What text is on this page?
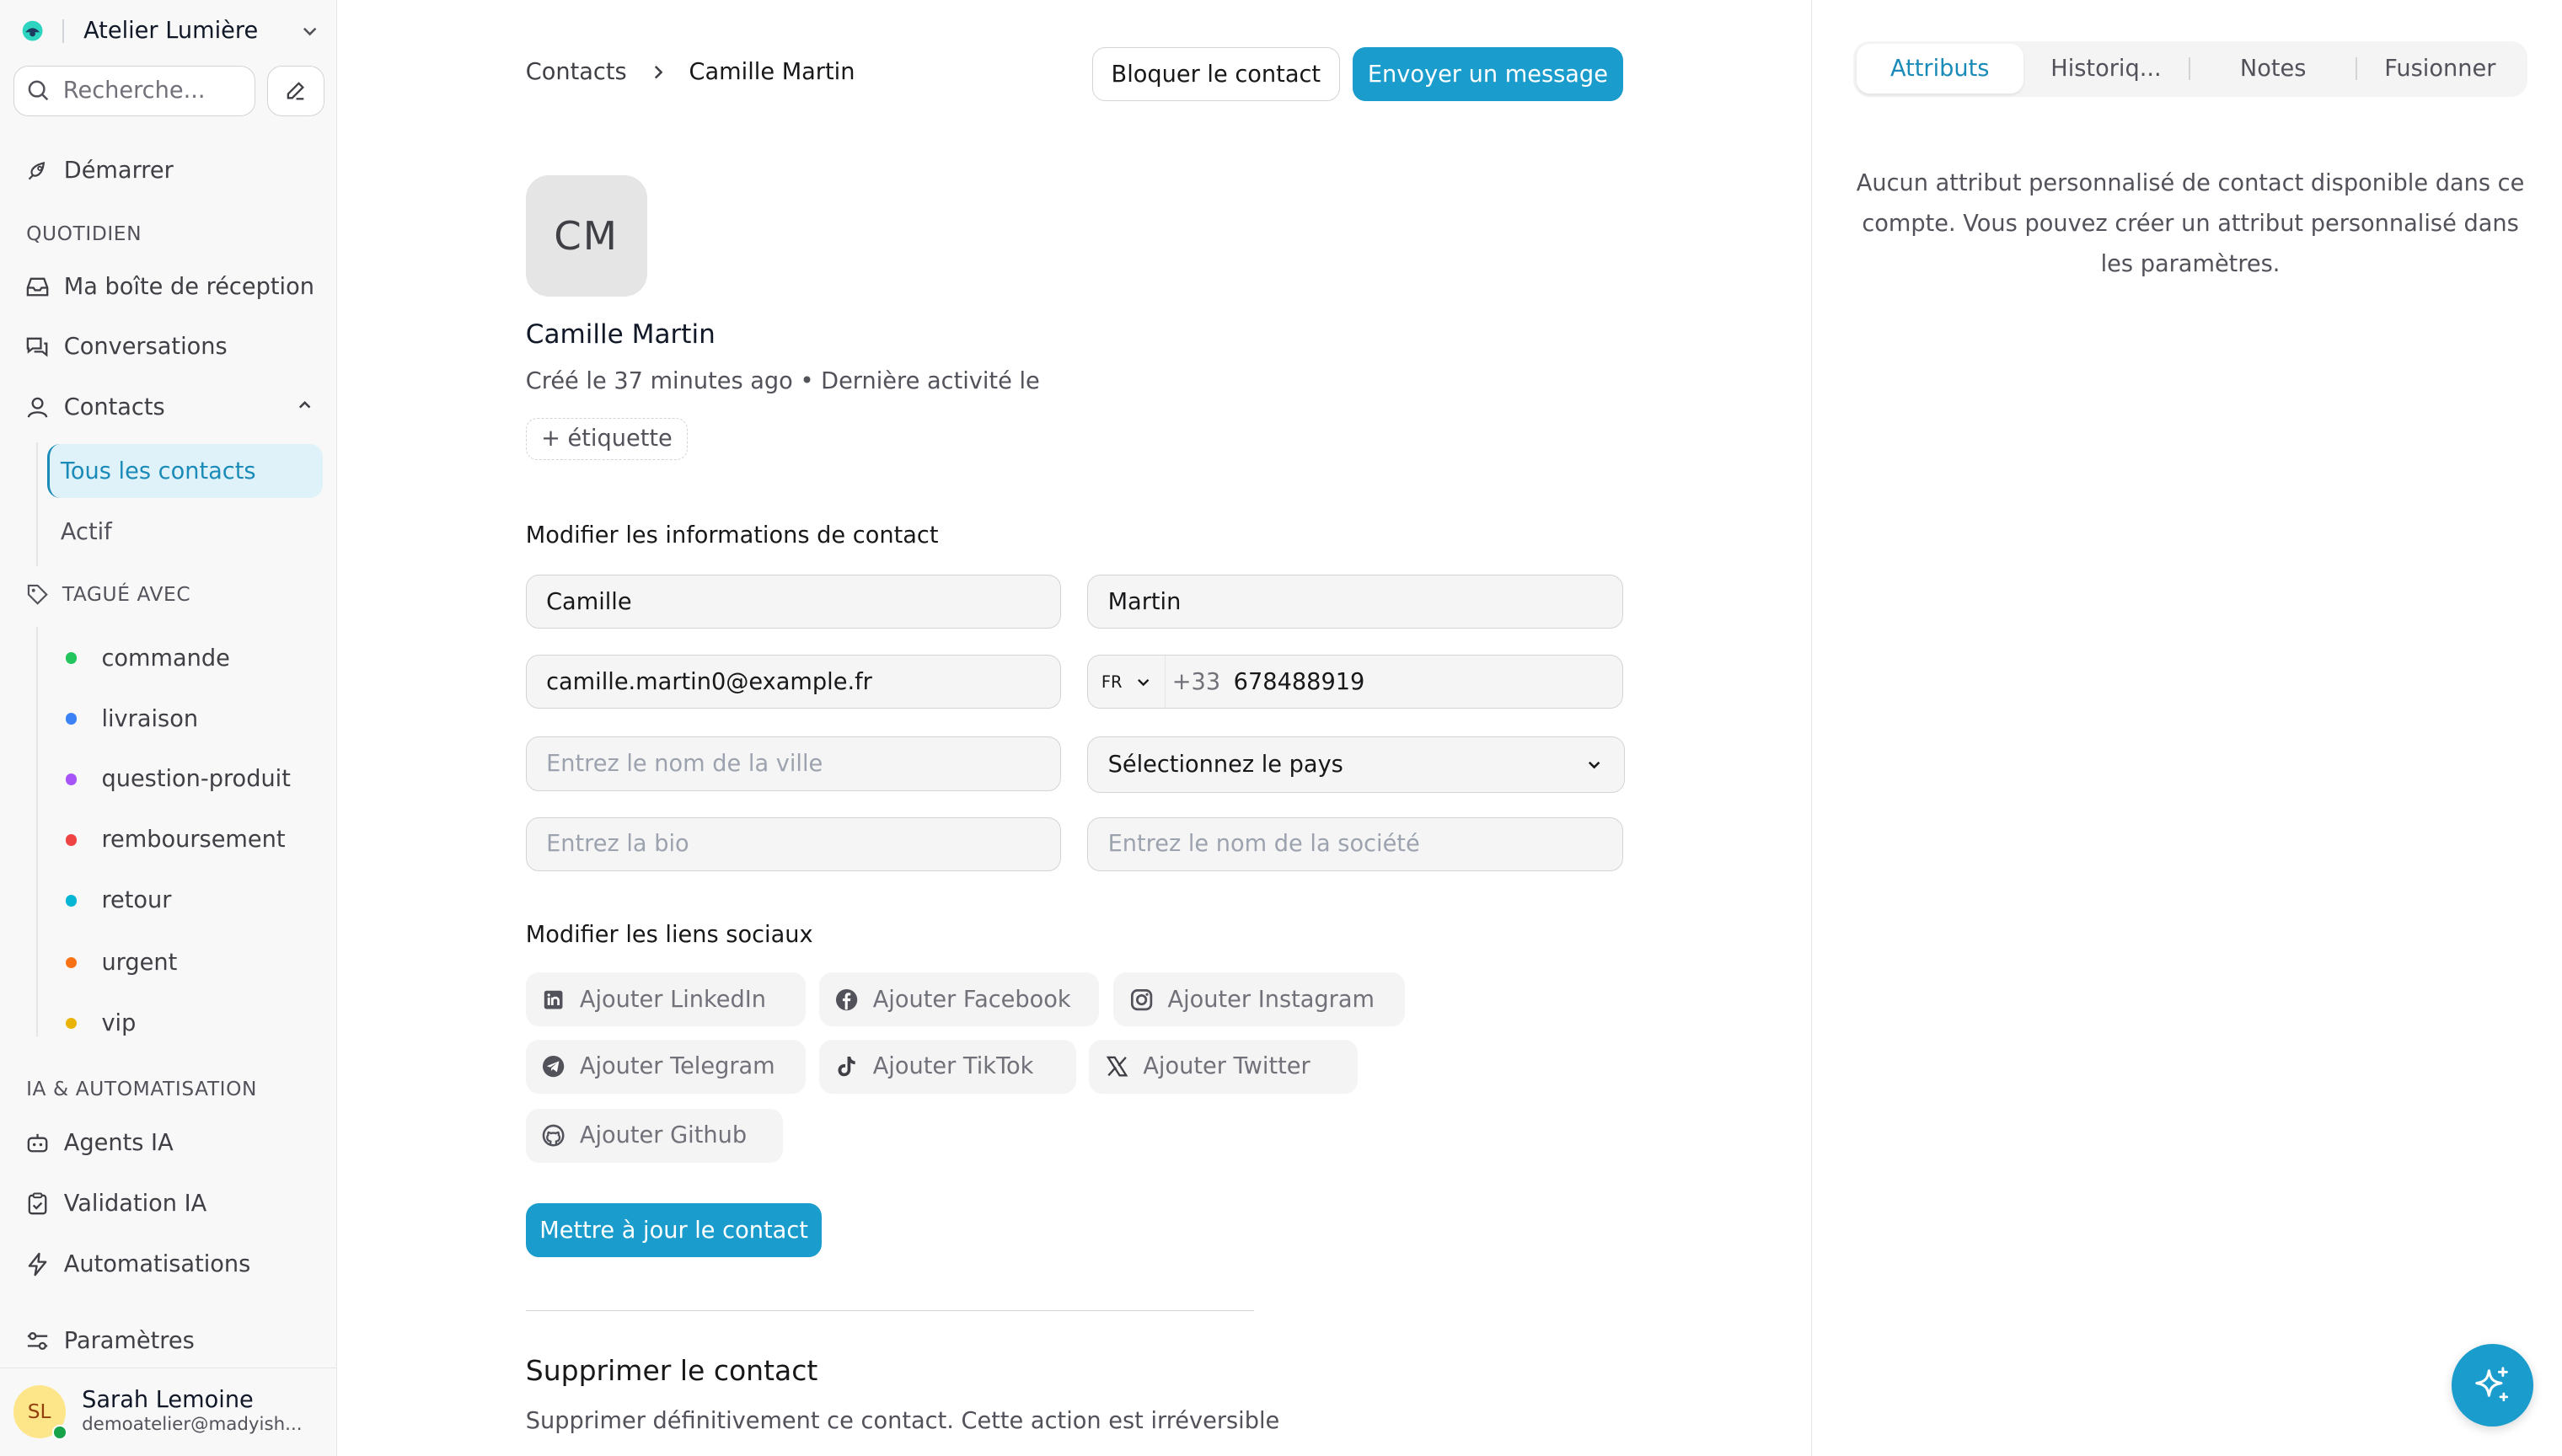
Atelier Lumière
Recherche...
Démarrer
QUOTIDIEN
Ma boîte de réception
Conversations
Contacts
Tous les contacts
Actif
TAGUÉ AVEC
commande
livraison
question-produit
remboursement
retour
urgent
vip
IA & AUTOMATISATION
Agents IA
Validation IA
Automatisations
Paramètres
SL	Sarah Lemoine
demoatelier@madyish...
Contacts	Camille Martin	Bloquer le contact	Envoyer un message
CM
Camille Martin
Créé le 37 minutes ago • Dernière activité le
+ étiquette
Modifier les informations de contact
Camille	Martin
camille.martin0@example.fr	FR	+33 678488919
Entrez le nom de la ville	Sélectionnez le pays
Entrez la bio	Entrez le nom de la société
Modifier les liens sociaux
Ajouter LinkedIn	Ajouter Facebook	Ajouter Instagram
Ajouter Telegram	Ajouter TikTok	Ajouter Twitter
Ajouter Github
Mettre à jour le contact
Supprimer le contact
Supprimer définitivement ce contact. Cette action est irréversible
Attributs	Historiq...	Notes	Fusionner
Aucun attribut personnalisé de contact disponible dans ce compte. Vous pouvez créer un attribut personnalisé dans les paramètres.
